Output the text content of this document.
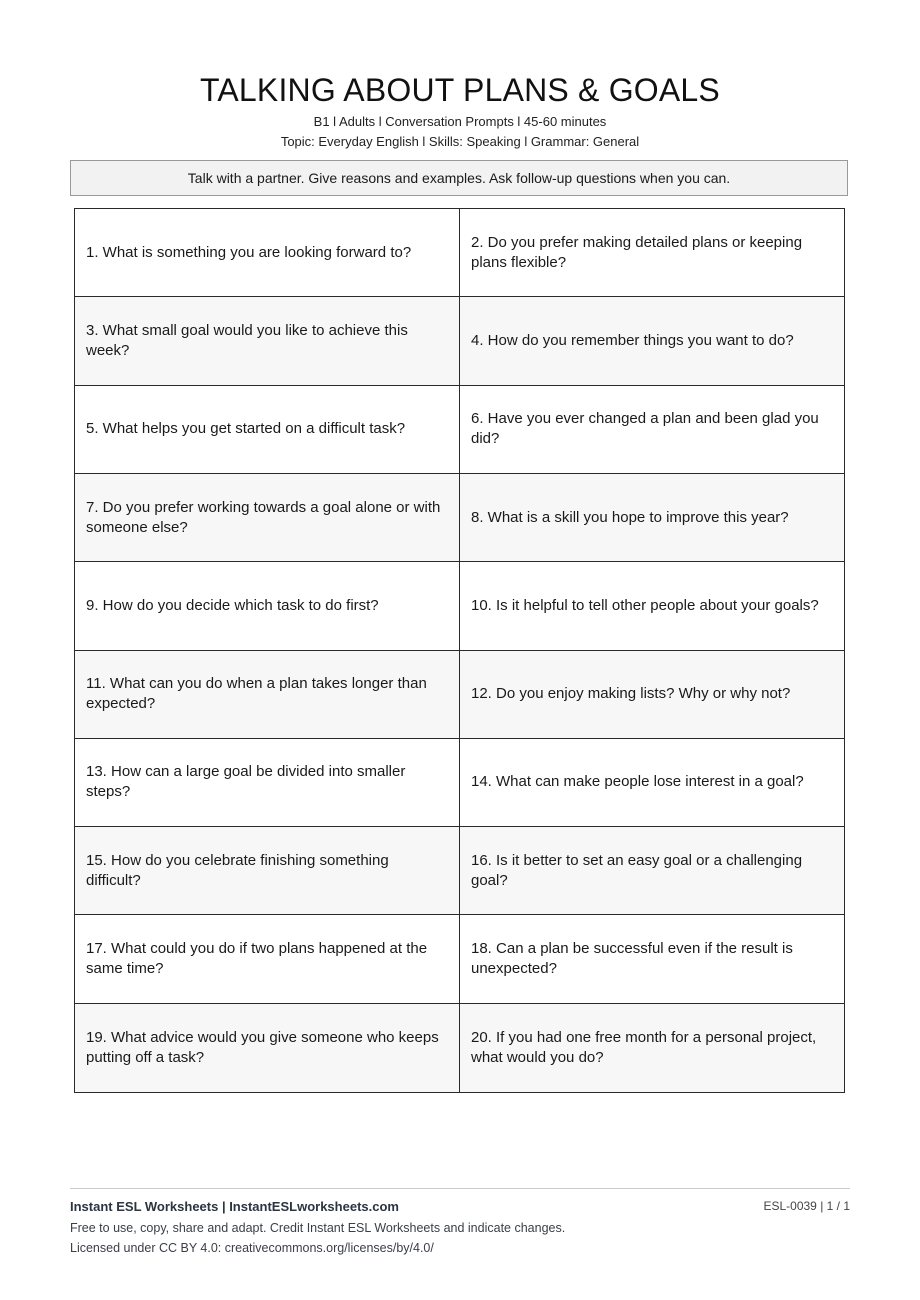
TALKING ABOUT PLANS & GOALS
B1 l Adults l Conversation Prompts l 45-60 minutes
Topic: Everyday English l Skills: Speaking l Grammar: General
Talk with a partner. Give reasons and examples. Ask follow-up questions when you can.
1. What is something you are looking forward to?
2. Do you prefer making detailed plans or keeping plans flexible?
3. What small goal would you like to achieve this week?
4. How do you remember things you want to do?
5. What helps you get started on a difficult task?
6. Have you ever changed a plan and been glad you did?
7. Do you prefer working towards a goal alone or with someone else?
8. What is a skill you hope to improve this year?
9. How do you decide which task to do first?	10. Is it helpful to tell other people about your goals?
11. What can you do when a plan takes longer than expected?
12. Do you enjoy making lists? Why or why not?
13. How can a large goal be divided into smaller steps?
14. What can make people lose interest in a goal?
15. How do you celebrate finishing something difficult?
16. Is it better to set an easy goal or a challenging goal?
17. What could you do if two plans happened at the same time?
18. Can a plan be successful even if the result is unexpected?
19. What advice would you give someone who keeps putting off a task?
20. If you had one free month for a personal project, what would you do?
Instant ESL Worksheets | InstantESLworksheets.com	ESL-0039 | 1 / 1
Free to use, copy, share and adapt. Credit Instant ESL Worksheets and indicate changes.
Licensed under CC BY 4.0: creativecommons.org/licenses/by/4.0/
